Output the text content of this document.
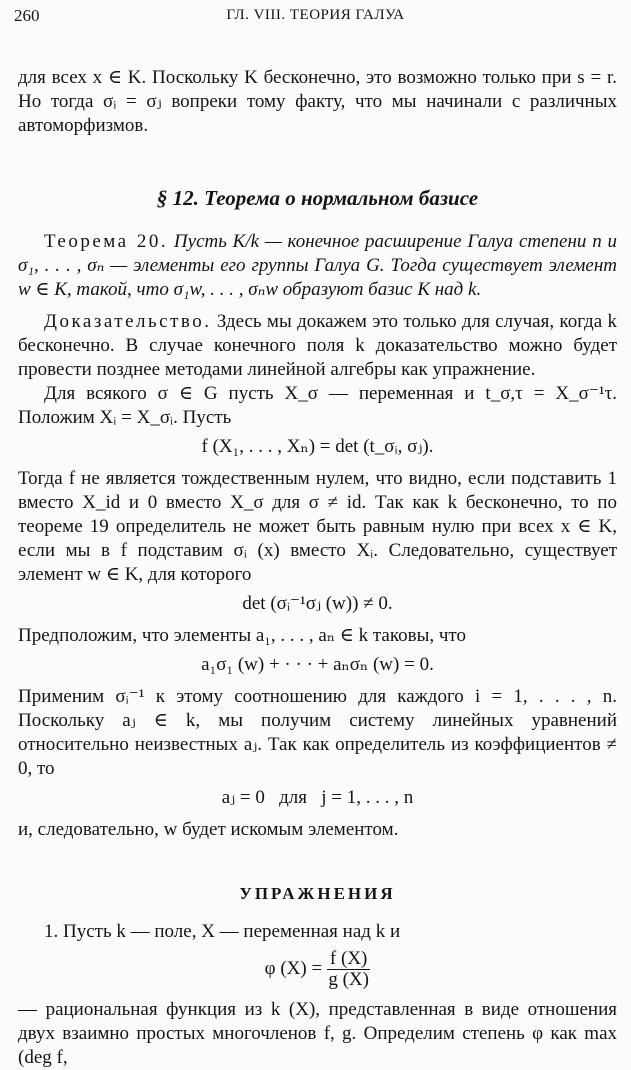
260	ГЛ. VIII. ТЕОРИЯ ГАЛУА

для всех x ∈ K. Поскольку K бесконечно, это возможно только при s = r. Но тогда σᵢ = σⱼ вопреки тому факту, что мы начинали с различных автоморфизмов.

§ 12. Теорема о нормальном базисе

Теорема 20. Пусть K/k — конечное расширение Галуа степени n и σ₁, . . . , σₙ — элементы его группы Галуа G. Тогда существует элемент w ∈ K, такой, что σ₁w, . . . , σₙw образуют базис K над k.

Доказательство. Здесь мы докажем это только для случая, когда k бесконечно. В случае конечного поля k доказательство можно будет провести позднее методами линейной алгебры как упражнение.

Для всякого σ ∈ G пусть X_σ — переменная и t_σ,τ = X_σ⁻¹τ. Положим Xᵢ = X_σᵢ. Пусть

f (X₁, . . . , Xₙ) = det (t_σᵢ, σⱼ).

Тогда f не является тождественным нулем, что видно, если подставить 1 вместо X_id и 0 вместо X_σ для σ ≠ id. Так как k бесконечно, то по теореме 19 определитель не может быть равным нулю при всех x ∈ K, если мы в f подставим σᵢ (x) вместо Xᵢ. Следовательно, существует элемент w ∈ K, для которого

det (σᵢ⁻¹σⱼ (w)) ≠ 0.

Предположим, что элементы a₁, . . . , aₙ ∈ k таковы, что

a₁σ₁ (w) + · · · + aₙσₙ (w) = 0.

Применим σᵢ⁻¹ к этому соотношению для каждого i = 1, . . . , n. Поскольку aⱼ ∈ k, мы получим систему линейных уравнений относительно неизвестных aⱼ. Так как определитель из коэффициентов ≠ 0, то

aⱼ = 0   для   j = 1, . . . , n

и, следовательно, w будет искомым элементом.

УПРАЖНЕНИЯ

1. Пусть k — поле, X — переменная над k и

φ $(X) = \frac{f (X)}{g (X)}$

— рациональная функция из k (X), представленная в виде отношения двух взаимно простых многочленов f, g. Определим степень φ как max (deg f,
